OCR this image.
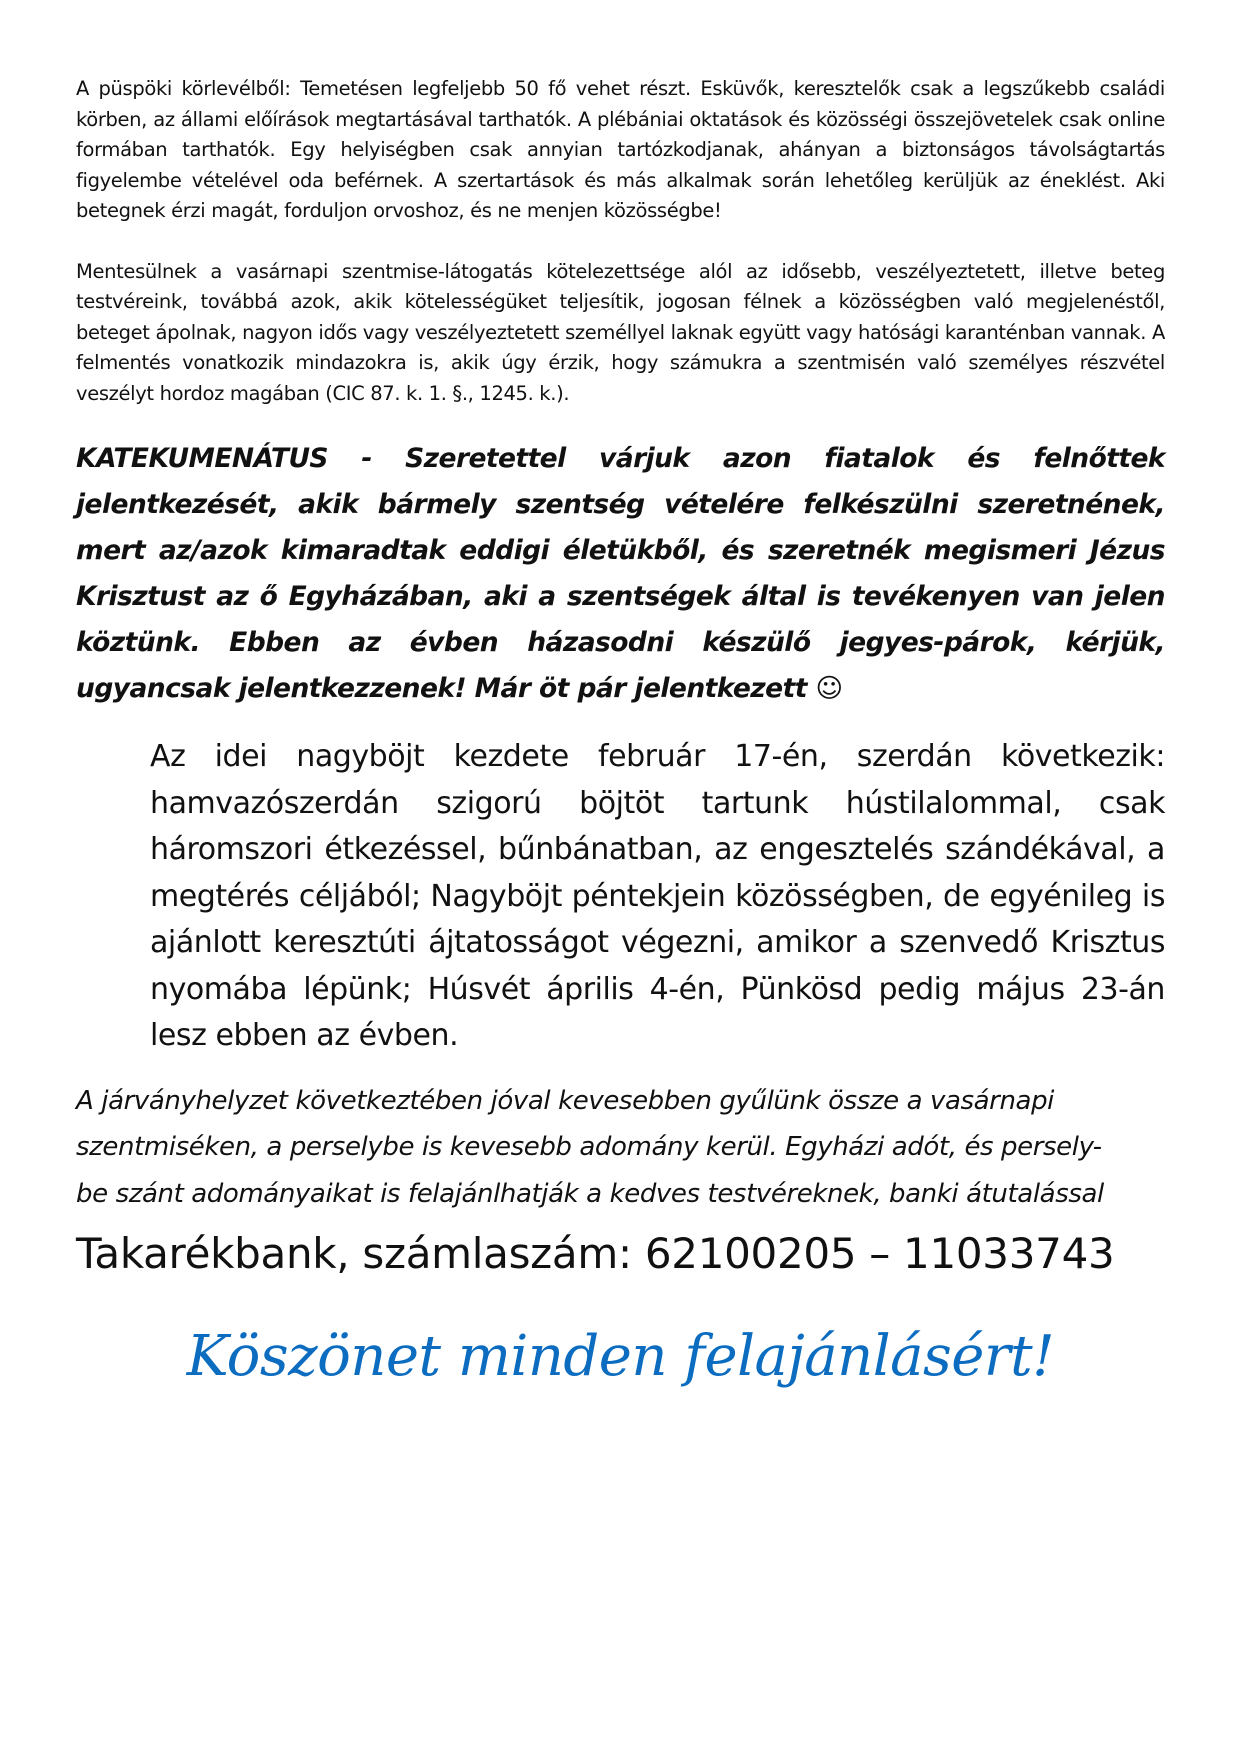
A püspöki körlevélből: Temetésen legfeljebb 50 fő vehet részt. Esküvők, keresztelők csak a legszűkebb családi körben, az állami előírások megtartásával tarthatók. A plébániai oktatások és közösségi összejövetelek csak online formában tarthatók. Egy helyiségben csak annyian tartózkodjanak, ahányan a biztonságos távolságtartás figyelembe vételével oda beférnek. A szertartások és más alkalmak során lehetőleg kerüljük az éneklést. Aki betegnek érzi magát, forduljon orvoshoz, és ne menjen közösségbe!

Mentesülnek a vasárnapi szentmise-látogatás kötelezettsége alól az idősebb, veszélyeztetett, illetve beteg testvéreink, továbbá azok, akik kötelességüket teljesítik, jogosan félnek a közösségben való megjelenéstől, beteget ápolnak, nagyon idős vagy veszélyeztetett személlyel laknak együtt vagy hatósági karanténban vannak. A felmentés vonatkozik mindazokra is, akik úgy érzik, hogy számukra a szentmisén való személyes részvétel veszélyt hordoz magában (CIC 87. k. 1. §., 1245. k.).

KATEKUMENÁTUS - Szeretettel várjuk azon fiatalok és felnőttek jelentkezését, akik bármely szentség vételére felkészülni szeretnének, mert az/azok kimaradtak eddigi életükből, és szeretnék megismeri Jézus Krisztust az ő Egyházában, aki a szentségek által is tevékenyen van jelen köztünk. Ebben az évben házasodni készülő jegyes-párok, kérjük, ugyancsak jelentkezzenek! Már öt pár jelentkezett ☺

Az idei nagyböjt kezdete február 17-én, szerdán következik: hamvazószerdán szigorú böjtöt tartunk hústilalommal, csak háromszori étkezéssel, bűnbánatban, az engesztelés szándékával, a megtérés céljából; Nagyböjt péntekjein közösségben, de egyénileg is ajánlott keresztúti ájtatosságot végezni, amikor a szenvedő Krisztus nyomába lépünk; Húsvét április 4-én, Pünkösd pedig május 23-án lesz ebben az évben.

A járványhelyzet következtében jóval kevesebben gyűlünk össze a vasárnapi
szentmiséken, a perselybe is kevesebb adomány kerül. Egyházi adót, és persely-
be szánt adományaikat is felajánlhatják a kedves testvéreknek, banki átutalással

Takarékbank, számlaszám: 62100205 – 11033743

Köszönet minden felajánlásért!
